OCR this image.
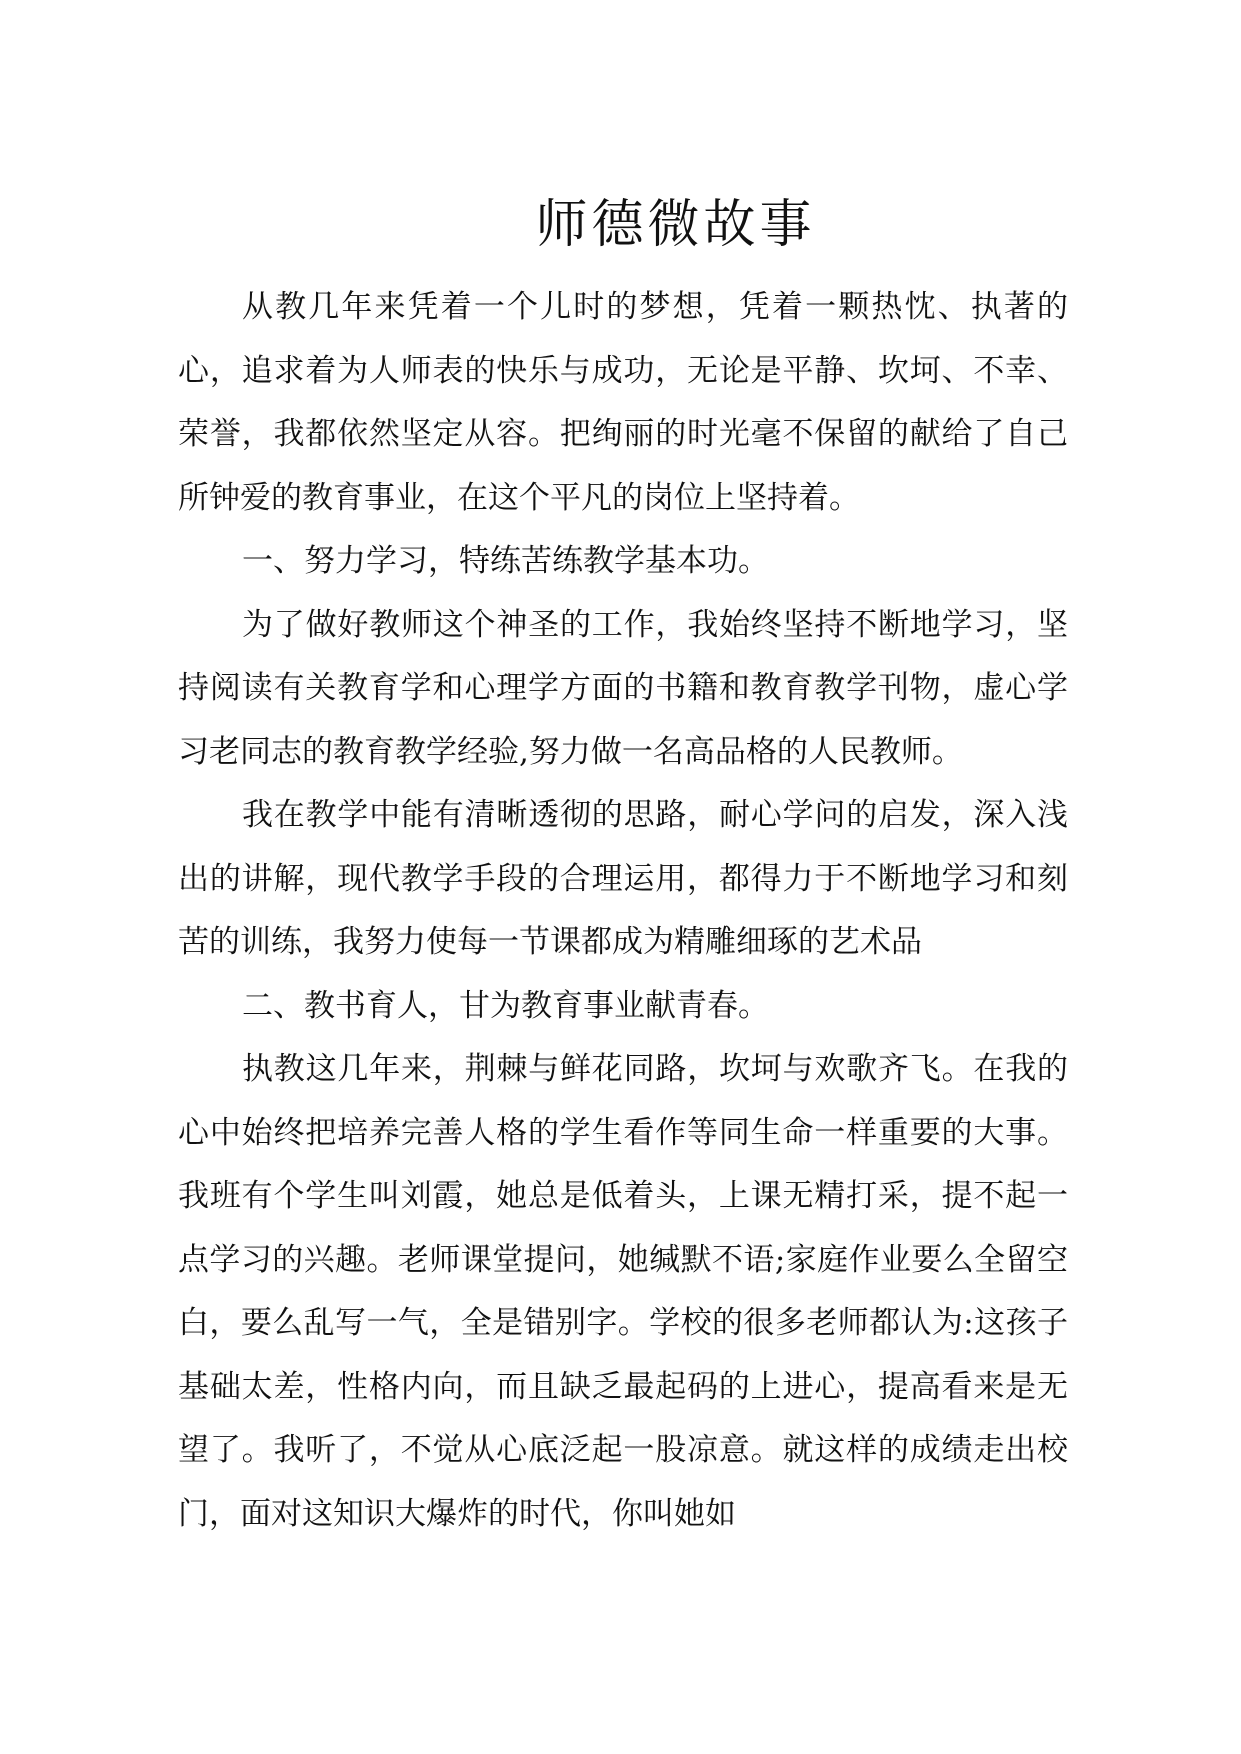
师德微故事

从教几年来凭着一个儿时的梦想，凭着一颗热忱、执著的心，追求着为人师表的快乐与成功，无论是平静、坎坷、不幸、荣誉，我都依然坚定从容。把绚丽的时光毫不保留的献给了自己所钟爱的教育事业，在这个平凡的岗位上坚持着。

一、努力学习，特练苦练教学基本功。

为了做好教师这个神圣的工作，我始终坚持不断地学习，坚持阅读有关教育学和心理学方面的书籍和教育教学刊物，虚心学习老同志的教育教学经验,努力做一名高品格的人民教师。

我在教学中能有清晰透彻的思路，耐心学问的启发，深入浅出的讲解，现代教学手段的合理运用，都得力于不断地学习和刻苦的训练，我努力使每一节课都成为精雕细琢的艺术品

二、教书育人，甘为教育事业献青春。

执教这几年来，荆棘与鲜花同路，坎坷与欢歌齐飞。在我的心中始终把培养完善人格的学生看作等同生命一样重要的大事。我班有个学生叫刘霞，她总是低着头，上课无精打采，提不起一点学习的兴趣。老师课堂提问，她缄默不语;家庭作业要么全留空白，要么乱写一气，全是错别字。学校的很多老师都认为:这孩子基础太差，性格内向，而且缺乏最起码的上进心，提高看来是无望了。我听了，不觉从心底泛起一股凉意。就这样的成绩走出校门，面对这知识大爆炸的时代，你叫她如
